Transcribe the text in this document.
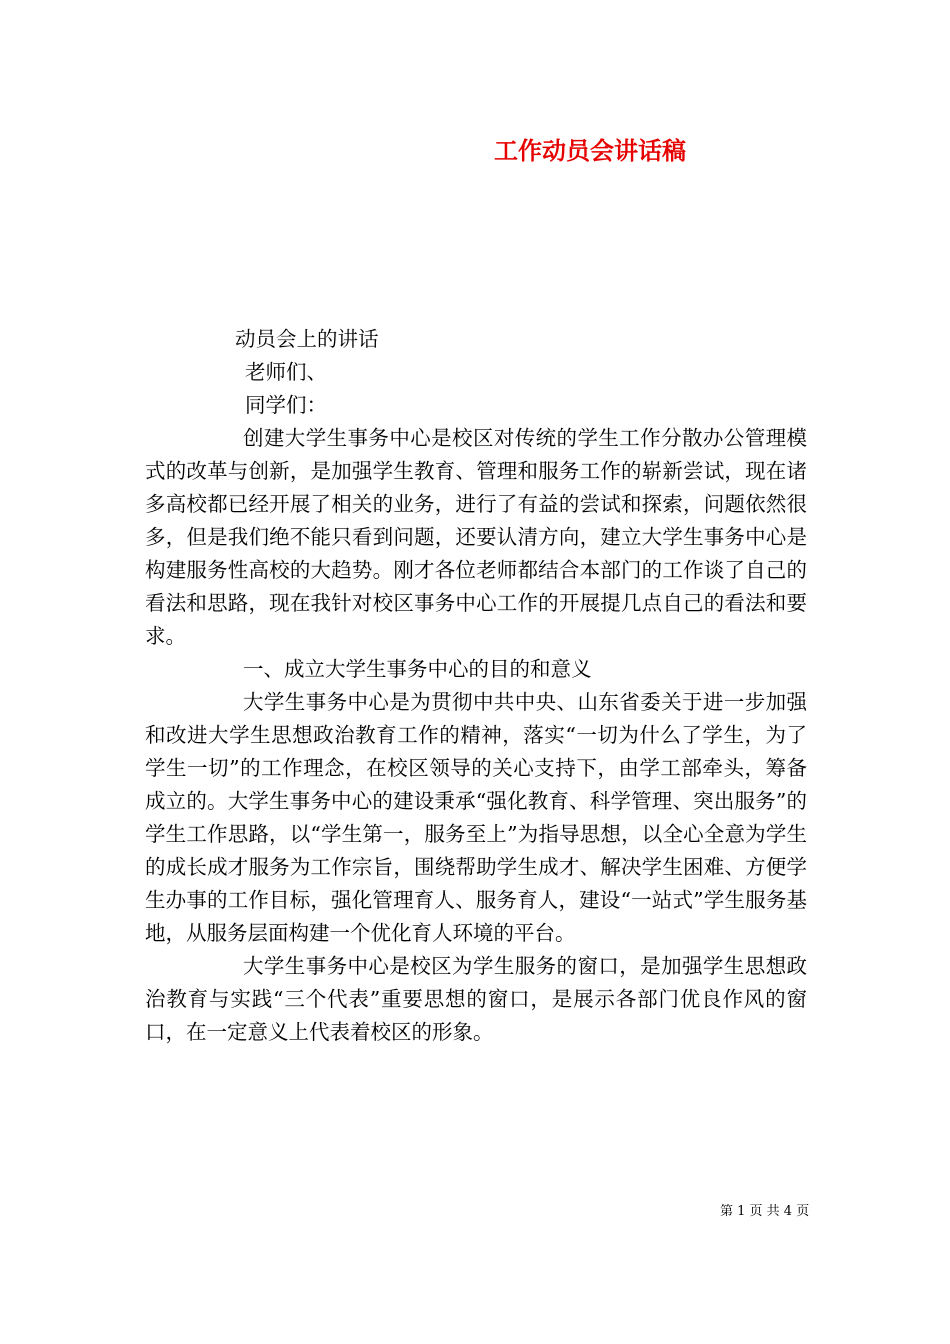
工作动员会讲话稿

动员会上的讲话

老师们、

同学们：

创建大学生事务中心是校区对传统的学生工作分散办公管理模式的改革与创新，是加强学生教育、管理和服务工作的崭新尝试，现在诸多高校都已经开展了相关的业务，进行了有益的尝试和探索，问题依然很多，但是我们绝不能只看到问题，还要认清方向，建立大学生事务中心是构建服务性高校的大趋势。刚才各位老师都结合本部门的工作谈了自己的看法和思路，现在我针对校区事务中心工作的开展提几点自己的看法和要求。

一、成立大学生事务中心的目的和意义

大学生事务中心是为贯彻中共中央、山东省委关于进一步加强和改进大学生思想政治教育工作的精神，落实“一切为什么了学生，为了学生一切”的工作理念，在校区领导的关心支持下，由学工部牵头，筹备成立的。大学生事务中心的建设秉承“强化教育、科学管理、突出服务”的学生工作思路，以“学生第一，服务至上”为指导思想，以全心全意为学生的成长成才服务为工作宗旨，围绕帮助学生成才、解决学生困难、方便学生办事的工作目标，强化管理育人、服务育人，建设“一站式”学生服务基地，从服务层面构建一个优化育人环境的平台。

大学生事务中心是校区为学生服务的窗口，是加强学生思想政治教育与实践“三个代表”重要思想的窗口，是展示各部门优良作风的窗口，在一定意义上代表着校区的形象。

第 1 页 共 4 页
